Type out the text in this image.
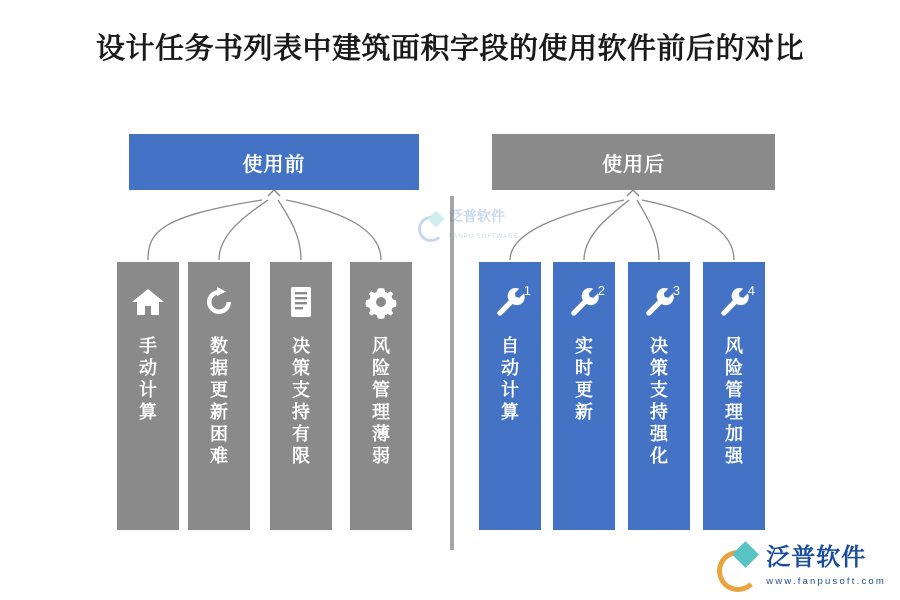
设计任务书列表中建筑面积字段的使用软件前后的对比
使用前	使用后
手动计算
数据更新困难
决策支持有限
风险管理薄弱
1
自动计算
2
实时更新
3
决策支持强化
4
风险管理加强
泛普软件
FANPU SOFTWARE
泛普软件
www.fanpusoft.com
